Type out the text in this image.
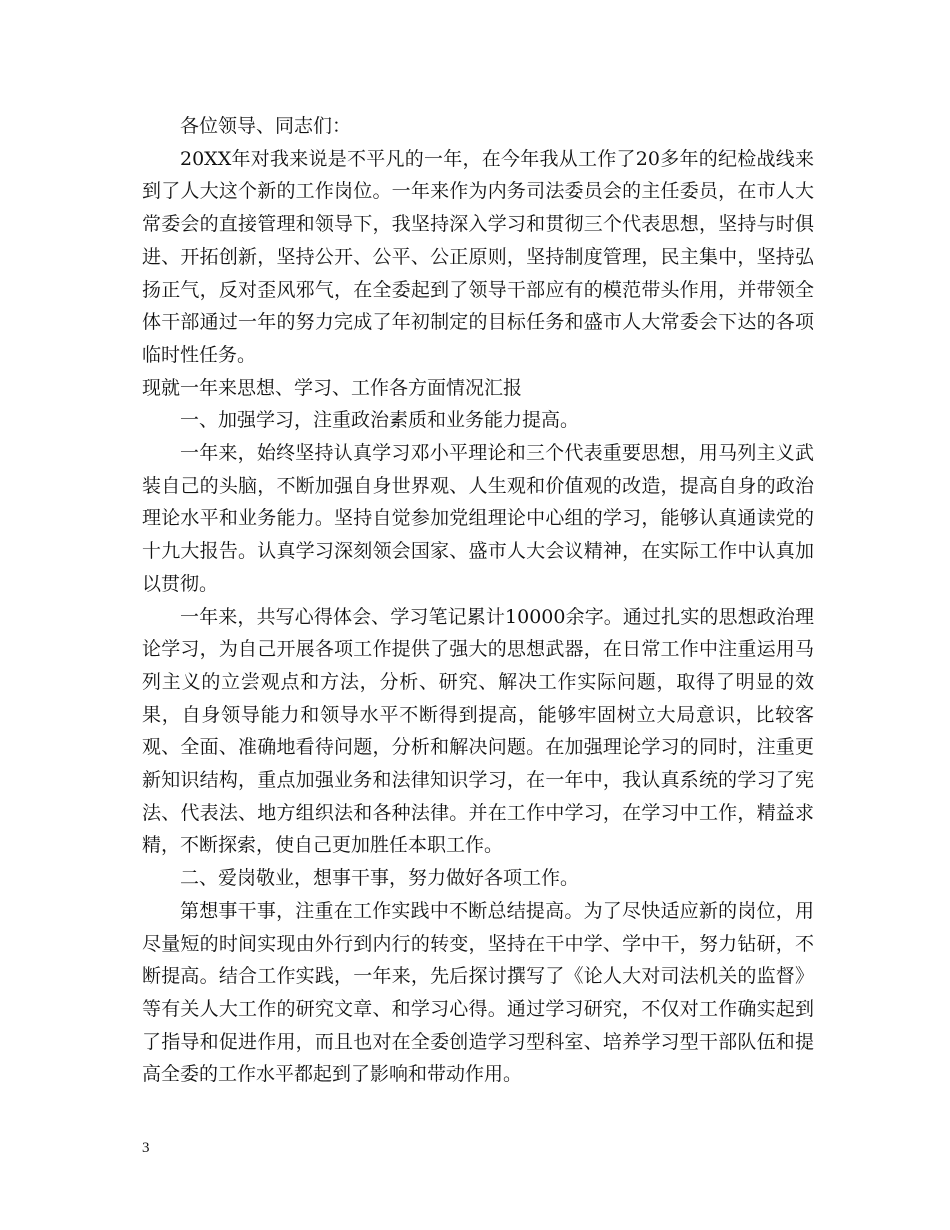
各位领导、同志们：

20XX年对我来说是不平凡的一年，在今年我从工作了20多年的纪检战线来到了人大这个新的工作岗位。一年来作为内务司法委员会的主任委员，在市人大常委会的直接管理和领导下，我坚持深入学习和贯彻三个代表思想，坚持与时俱进、开拓创新，坚持公开、公平、公正原则，坚持制度管理，民主集中，坚持弘扬正气，反对歪风邪气，在全委起到了领导干部应有的模范带头作用，并带领全体干部通过一年的努力完成了年初制定的目标任务和盛市人大常委会下达的各项临时性任务。

现就一年来思想、学习、工作各方面情况汇报

一、加强学习，注重政治素质和业务能力提高。

一年来，始终坚持认真学习邓小平理论和三个代表重要思想，用马列主义武装自己的头脑，不断加强自身世界观、人生观和价值观的改造，提高自身的政治理论水平和业务能力。坚持自觉参加党组理论中心组的学习，能够认真通读党的十九大报告。认真学习深刻领会国家、盛市人大会议精神，在实际工作中认真加以贯彻。

一年来，共写心得体会、学习笔记累计10000余字。通过扎实的思想政治理论学习，为自己开展各项工作提供了强大的思想武器，在日常工作中注重运用马列主义的立尝观点和方法，分析、研究、解决工作实际问题，取得了明显的效果，自身领导能力和领导水平不断得到提高，能够牢固树立大局意识，比较客观、全面、准确地看待问题，分析和解决问题。在加强理论学习的同时，注重更新知识结构，重点加强业务和法律知识学习，在一年中，我认真系统的学习了宪法、代表法、地方组织法和各种法律。并在工作中学习，在学习中工作，精益求精，不断探索，使自己更加胜任本职工作。

二、爱岗敬业，想事干事，努力做好各项工作。

第想事干事，注重在工作实践中不断总结提高。为了尽快适应新的岗位，用尽量短的时间实现由外行到内行的转变，坚持在干中学、学中干，努力钻研，不断提高。结合工作实践，一年来，先后探讨撰写了《论人大对司法机关的监督》等有关人大工作的研究文章、和学习心得。通过学习研究，不仅对工作确实起到了指导和促进作用，而且也对在全委创造学习型科室、培养学习型干部队伍和提高全委的工作水平都起到了影响和带动作用。

3
